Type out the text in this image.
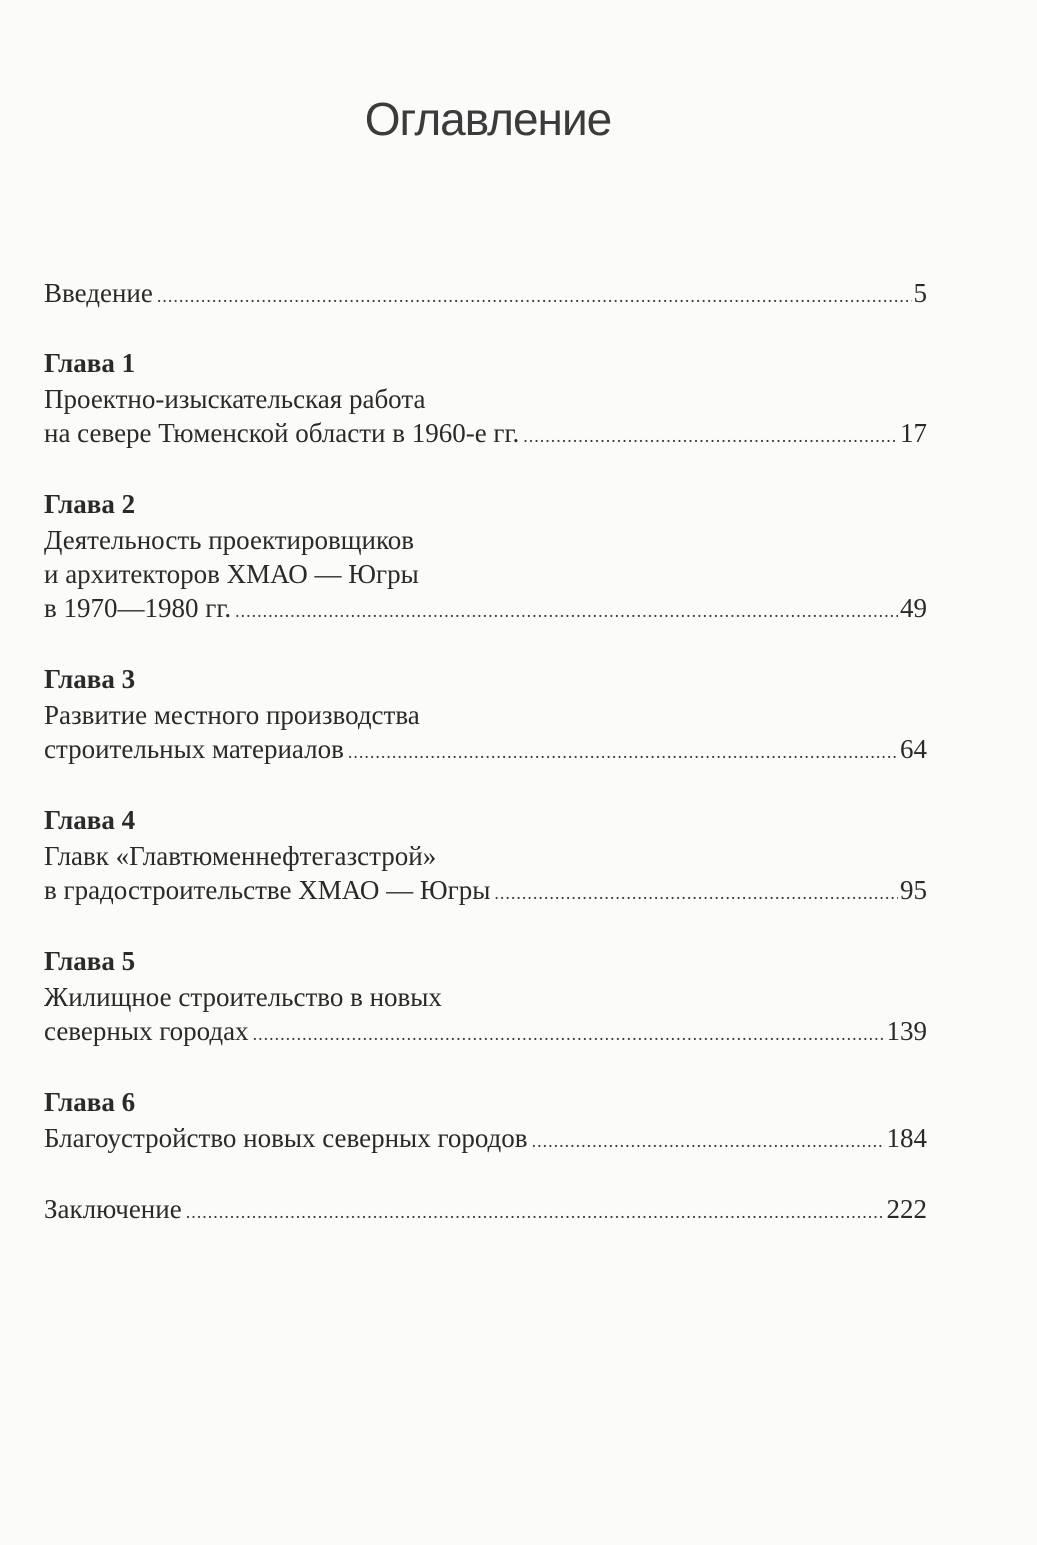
Оглавление
Введение .....	5
Глава 1
Проектно-изыскательская работа
на севере Тюменской области в 1960-е гг. .....	17
Глава 2
Деятельность проектировщиков
и архитекторов ХМАО — Югры
в 1970—1980 гг. .....	49
Глава 3
Развитие местного производства
строительных материалов .....	64
Глава 4
Главк «Главтюменнефтегазстрой»
в градостроительстве ХМАО — Югры .....	95
Глава 5
Жилищное строительство в новых
северных городах .....	139
Глава 6
Благоустройство новых северных городов .....	184
Заключение .....	222
